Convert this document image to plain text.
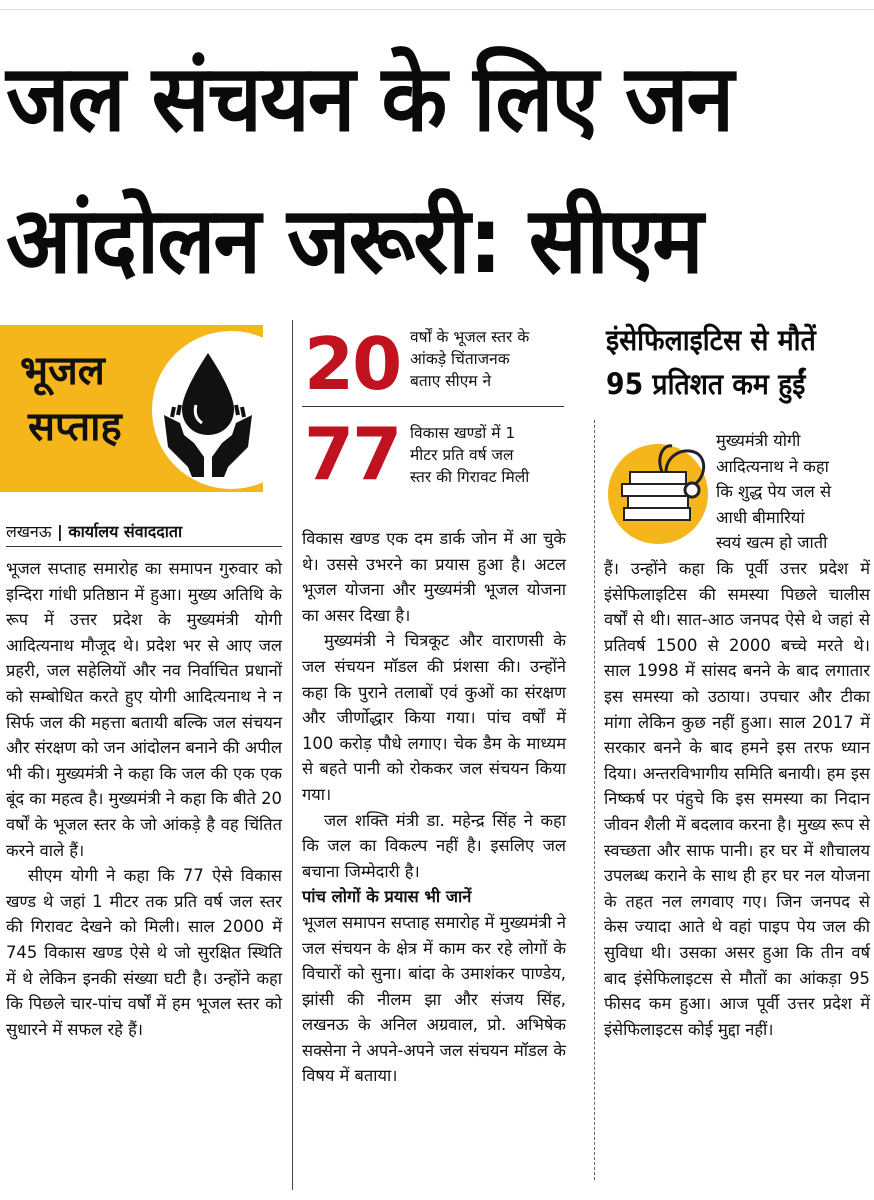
जल संचयन के लिए जन
आंदोलन जरूरी: सीएम
भूजल
सप्ताह
20 वर्षों के भूजल स्तर के
आंकड़े चिंताजनक
बताए सीएम ने
77 विकास खण्डों में 1
मीटर प्रति वर्ष जल
स्तर की गिरावट मिली
इंसेफिलाइटिस से मौतें
95 प्रतिशत कम हुईं
लखनऊ | कार्यालय संवाददाता

भूजल सप्ताह समारोह का समापन गुरुवार को इन्दिरा गांधी प्रतिष्ठान में हुआ। मुख्य अतिथि के रूप में उत्तर प्रदेश के मुख्यमंत्री योगी आदित्यनाथ मौजूद थे। प्रदेश भर से आए जल प्रहरी, जल सहेलियों और नव निर्वाचित प्रधानों को सम्बोधित करते हुए योगी आदित्यनाथ ने न सिर्फ जल की महत्ता बतायी बल्कि जल संचयन और संरक्षण को जन आंदोलन बनाने की अपील भी की। मुख्यमंत्री ने कहा कि जल की एक एक बूंद का महत्व है। मुख्यमंत्री ने कहा कि बीते 20 वर्षों के भूजल स्तर के जो आंकड़े है वह चिंतित करने वाले हैं।

सीएम योगी ने कहा कि 77 ऐसे विकास खण्ड थे जहां 1 मीटर तक प्रति वर्ष जल स्तर की गिरावट देखने को मिली। साल 2000 में 745 विकास खण्ड ऐसे थे जो सुरक्षित स्थिति में थे लेकिन इनकी संख्या घटी है। उन्होंने कहा कि पिछले चार-पांच वर्षों में हम भूजल स्तर को सुधारने में सफल रहे हैं।

विकास खण्ड एक दम डार्क जोन में आ चुके थे। उससे उभरने का प्रयास हुआ है। अटल भूजल योजना और मुख्यमंत्री भूजल योजना का असर दिखा है।

मुख्यमंत्री ने चित्रकूट और वाराणसी के जल संचयन मॉडल की प्रंशसा की। उन्होंने कहा कि पुराने तलाबों एवं कुओं का संरक्षण और जीर्णोद्धार किया गया। पांच वर्षों में 100 करोड़ पौधे लगाए। चेक डैम के माध्यम से बहते पानी को रोककर जल संचयन किया गया।

जल शक्ति मंत्री डा. महेन्द्र सिंह ने कहा कि जल का विकल्प नहीं है। इसलिए जल बचाना जिम्मेदारी है।

पांच लोगों के प्रयास भी जानें

भूजल समापन सप्ताह समारोह में मुख्यमंत्री ने जल संचयन के क्षेत्र में काम कर रहे लोगों के विचारों को सुना। बांदा के उमाशंकर पाण्डेय, झांसी की नीलम झा और संजय सिंह, लखनऊ के अनिल अग्रवाल, प्रो. अभिषेक सक्सेना ने अपने-अपने जल संचयन मॉडल के विषय में बताया।

मुख्यमंत्री योगी
आदित्यनाथ ने कहा
कि शुद्ध पेय जल से
आधी बीमारियां
स्वयं खत्म हो जाती

हैं। उन्होंने कहा कि पूर्वी उत्तर प्रदेश में इंसेफिलाइटिस की समस्या पिछले चालीस वर्षों से थी। सात-आठ जनपद ऐसे थे जहां से प्रतिवर्ष 1500 से 2000 बच्चे मरते थे। साल 1998 में सांसद बनने के बाद लगातार इस समस्या को उठाया। उपचार और टीका मांगा लेकिन कुछ नहीं हुआ। साल 2017 में सरकार बनने के बाद हमने इस तरफ ध्यान दिया। अन्तरविभागीय समिति बनायी। हम इस निष्कर्ष पर पंहुचे कि इस समस्या का निदान जीवन शैली में बदलाव करना है। मुख्य रूप से स्वच्छता और साफ पानी। हर घर में शौचालय उपलब्ध कराने के साथ ही हर घर नल योजना के तहत नल लगवाए गए। जिन जनपद से केस ज्यादा आते थे वहां पाइप पेय जल की सुविधा थी। उसका असर हुआ कि तीन वर्ष बाद इंसेफिलाइटस से मौतों का आंकड़ा 95 फीसद कम हुआ। आज पूर्वी उत्तर प्रदेश में इंसेफिलाइटस कोई मुद्दा नहीं।
